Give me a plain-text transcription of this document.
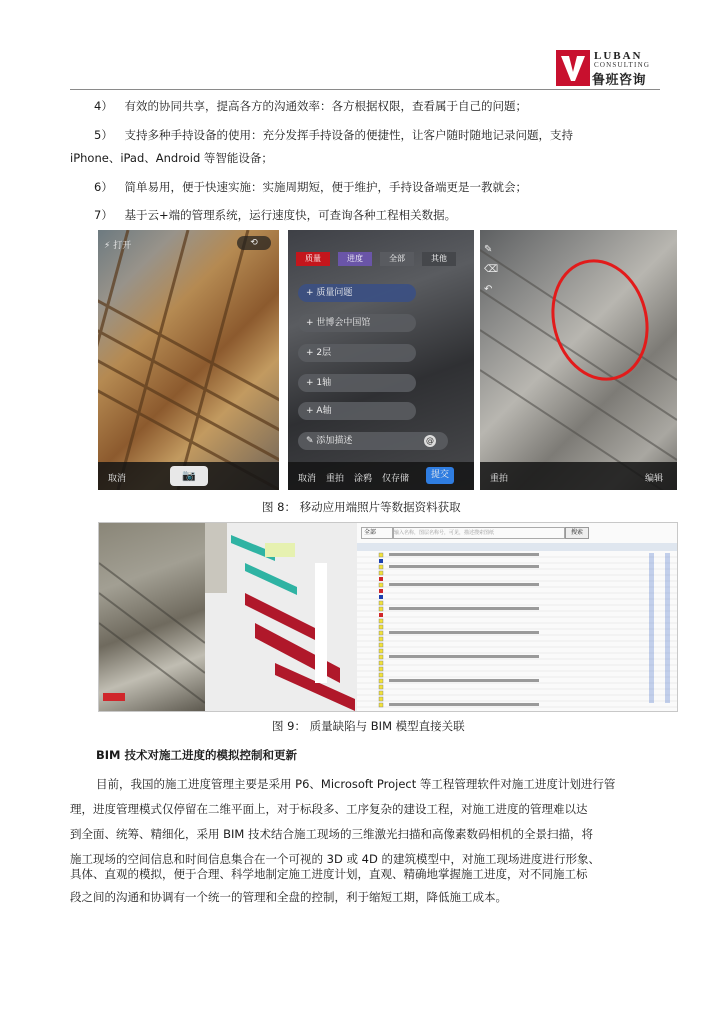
LUBAN
CONSULTING
鲁班咨询
4） 有效的协同共享，提高各方的沟通效率：各方根据权限，查看属于自己的问题；
5） 支持多种手持设备的使用：充分发挥手持设备的便捷性，让客户随时随地记录问题，支持
iPhone、iPad、Android 等智能设备；
6） 简单易用，便于快速实施：实施周期短，便于维护，手持设备端更是一教就会；
7） 基于云+端的管理系统，运行速度快，可查询各种工程相关数据。
⚡ 打开	⟲
取消	📷
质量	进度	全部	其他
+ 质量问题
+ 世博会中国馆
+ 2层
+ 1轴
+ A轴
✎ 添加描述	@
取消 重拍 涂鸦 仅存储	提交
✎
⌫
↶
重拍	编辑
图 8： 移动应用端照片等数据资料获取
全部	输入名称，图层名称号，可见，描述搜索图纸	搜索
图 9： 质量缺陷与 BIM 模型直接关联
BIM 技术对施工进度的模拟控制和更新
目前，我国的施工进度管理主要是采用 P6、Microsoft Project 等工程管理软件对施工进度计划进行管
理，进度管理模式仅停留在二维平面上，对于标段多、工序复杂的建设工程，对施工进度的管理难以达
到全面、统筹、精细化，采用 BIM 技术结合施工现场的三维激光扫描和高像素数码相机的全景扫描，将
施工现场的空间信息和时间信息集合在一个可视的 3D 或 4D 的建筑模型中，对施工现场进度进行形象、
具体、直观的模拟，便于合理、科学地制定施工进度计划，直观、精确地掌握施工进度，对不同施工标
段之间的沟通和协调有一个统一的管理和全盘的控制，利于缩短工期，降低施工成本。
